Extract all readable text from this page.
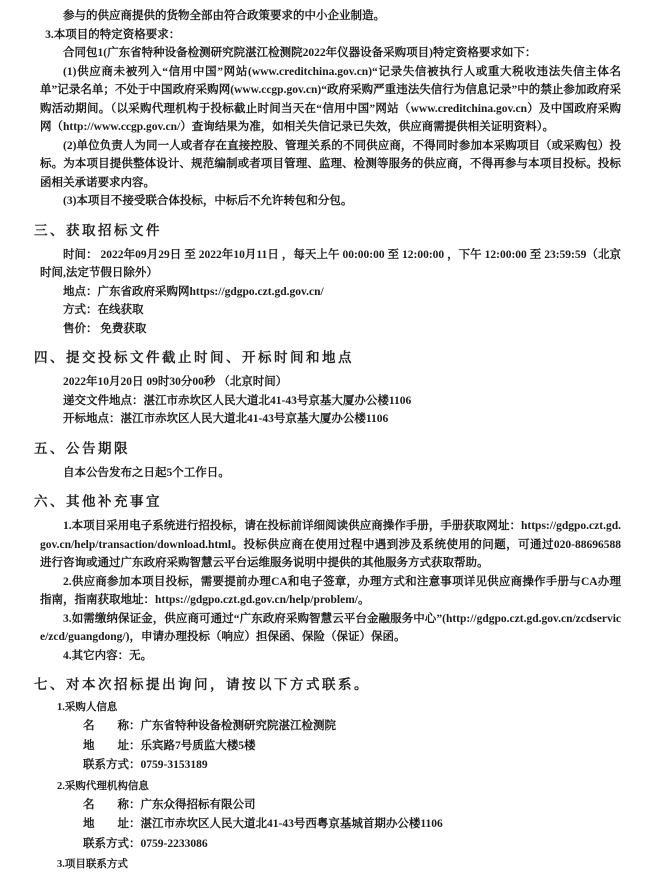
参与的供应商提供的货物全部由符合政策要求的中小企业制造。

3.本项目的特定资格要求：

合同包1(广东省特种设备检测研究院湛江检测院2022年仪器设备采购项目)特定资格要求如下：

(1)供应商未被列入“信用中国”网站(www.creditchina.gov.cn)“记录失信被执行人或重大税收违法失信主体名单”记录名单；不处于中国政府采购网(www.ccgp.gov.cn)“政府采购严重违法失信行为信息记录”中的禁止参加政府采购活动期间。（以采购代理机构于投标截止时间当天在“信用中国”网站（www.creditchina.gov.cn）及中国政府采购网（http://www.ccgp.gov.cn/）查询结果为准，如相关失信记录已失效，供应商需提供相关证明资料）。

(2)单位负责人为同一人或者存在直接控股、管理关系的不同供应商，不得同时参加本采购项目（或采购包）投标。为本项目提供整体设计、规范编制或者项目管理、监理、检测等服务的供应商，不得再参与本项目投标。投标函相关承诺要求内容。

(3)本项目不接受联合体投标，中标后不允许转包和分包。

三、获取招标文件

时间： 2022年09月29日 至 2022年10月11日 ，每天上午 00:00:00 至 12:00:00 ，下午 12:00:00 至 23:59:59（北京时间,法定节假日除外）

地点：广东省政府采购网https://gdgpo.czt.gd.gov.cn/

方式：在线获取

售价： 免费获取

四、提交投标文件截止时间、开标时间和地点

2022年10月20日 09时30分00秒 （北京时间）

递交文件地点：湛江市赤坎区人民大道北41-43号京基大厦办公楼1106

开标地点：湛江市赤坎区人民大道北41-43号京基大厦办公楼1106

五、公告期限

自本公告发布之日起5个工作日。

六、其他补充事宜

1.本项目采用电子系统进行招投标，请在投标前详细阅读供应商操作手册，手册获取网址：https://gdgpo.czt.gd.gov.cn/help/transaction/download.html。投标供应商在使用过程中遇到涉及系统使用的问题，可通过020-88696588 进行咨询或通过广东政府采购智慧云平台运维服务说明中提供的其他服务方式获取帮助。

2.供应商参加本项目投标，需要提前办理CA和电子签章，办理方式和注意事项详见供应商操作手册与CA办理指南，指南获取地址：https://gdgpo.czt.gd.gov.cn/help/problem/。

3.如需缴纳保证金，供应商可通过“广东政府采购智慧云平台金融服务中心”(http://gdgpo.czt.gd.gov.cn/zcdservice/zcd/guangdong/)，申请办理投标（响应）担保函、保险（保证）保函。

4.其它内容：无。

七、对本次招标提出询问，请按以下方式联系。

1.采购人信息

名　　称：广东省特种设备检测研究院湛江检测院

地　　址：乐宾路7号质监大楼5楼

联系方式：0759-3153189

2.采购代理机构信息

名　　称：广东众得招标有限公司

地　　址：湛江市赤坎区人民大道北41-43号西粤京基城首期办公楼1106

联系方式：0759-2233086

3.项目联系方式
